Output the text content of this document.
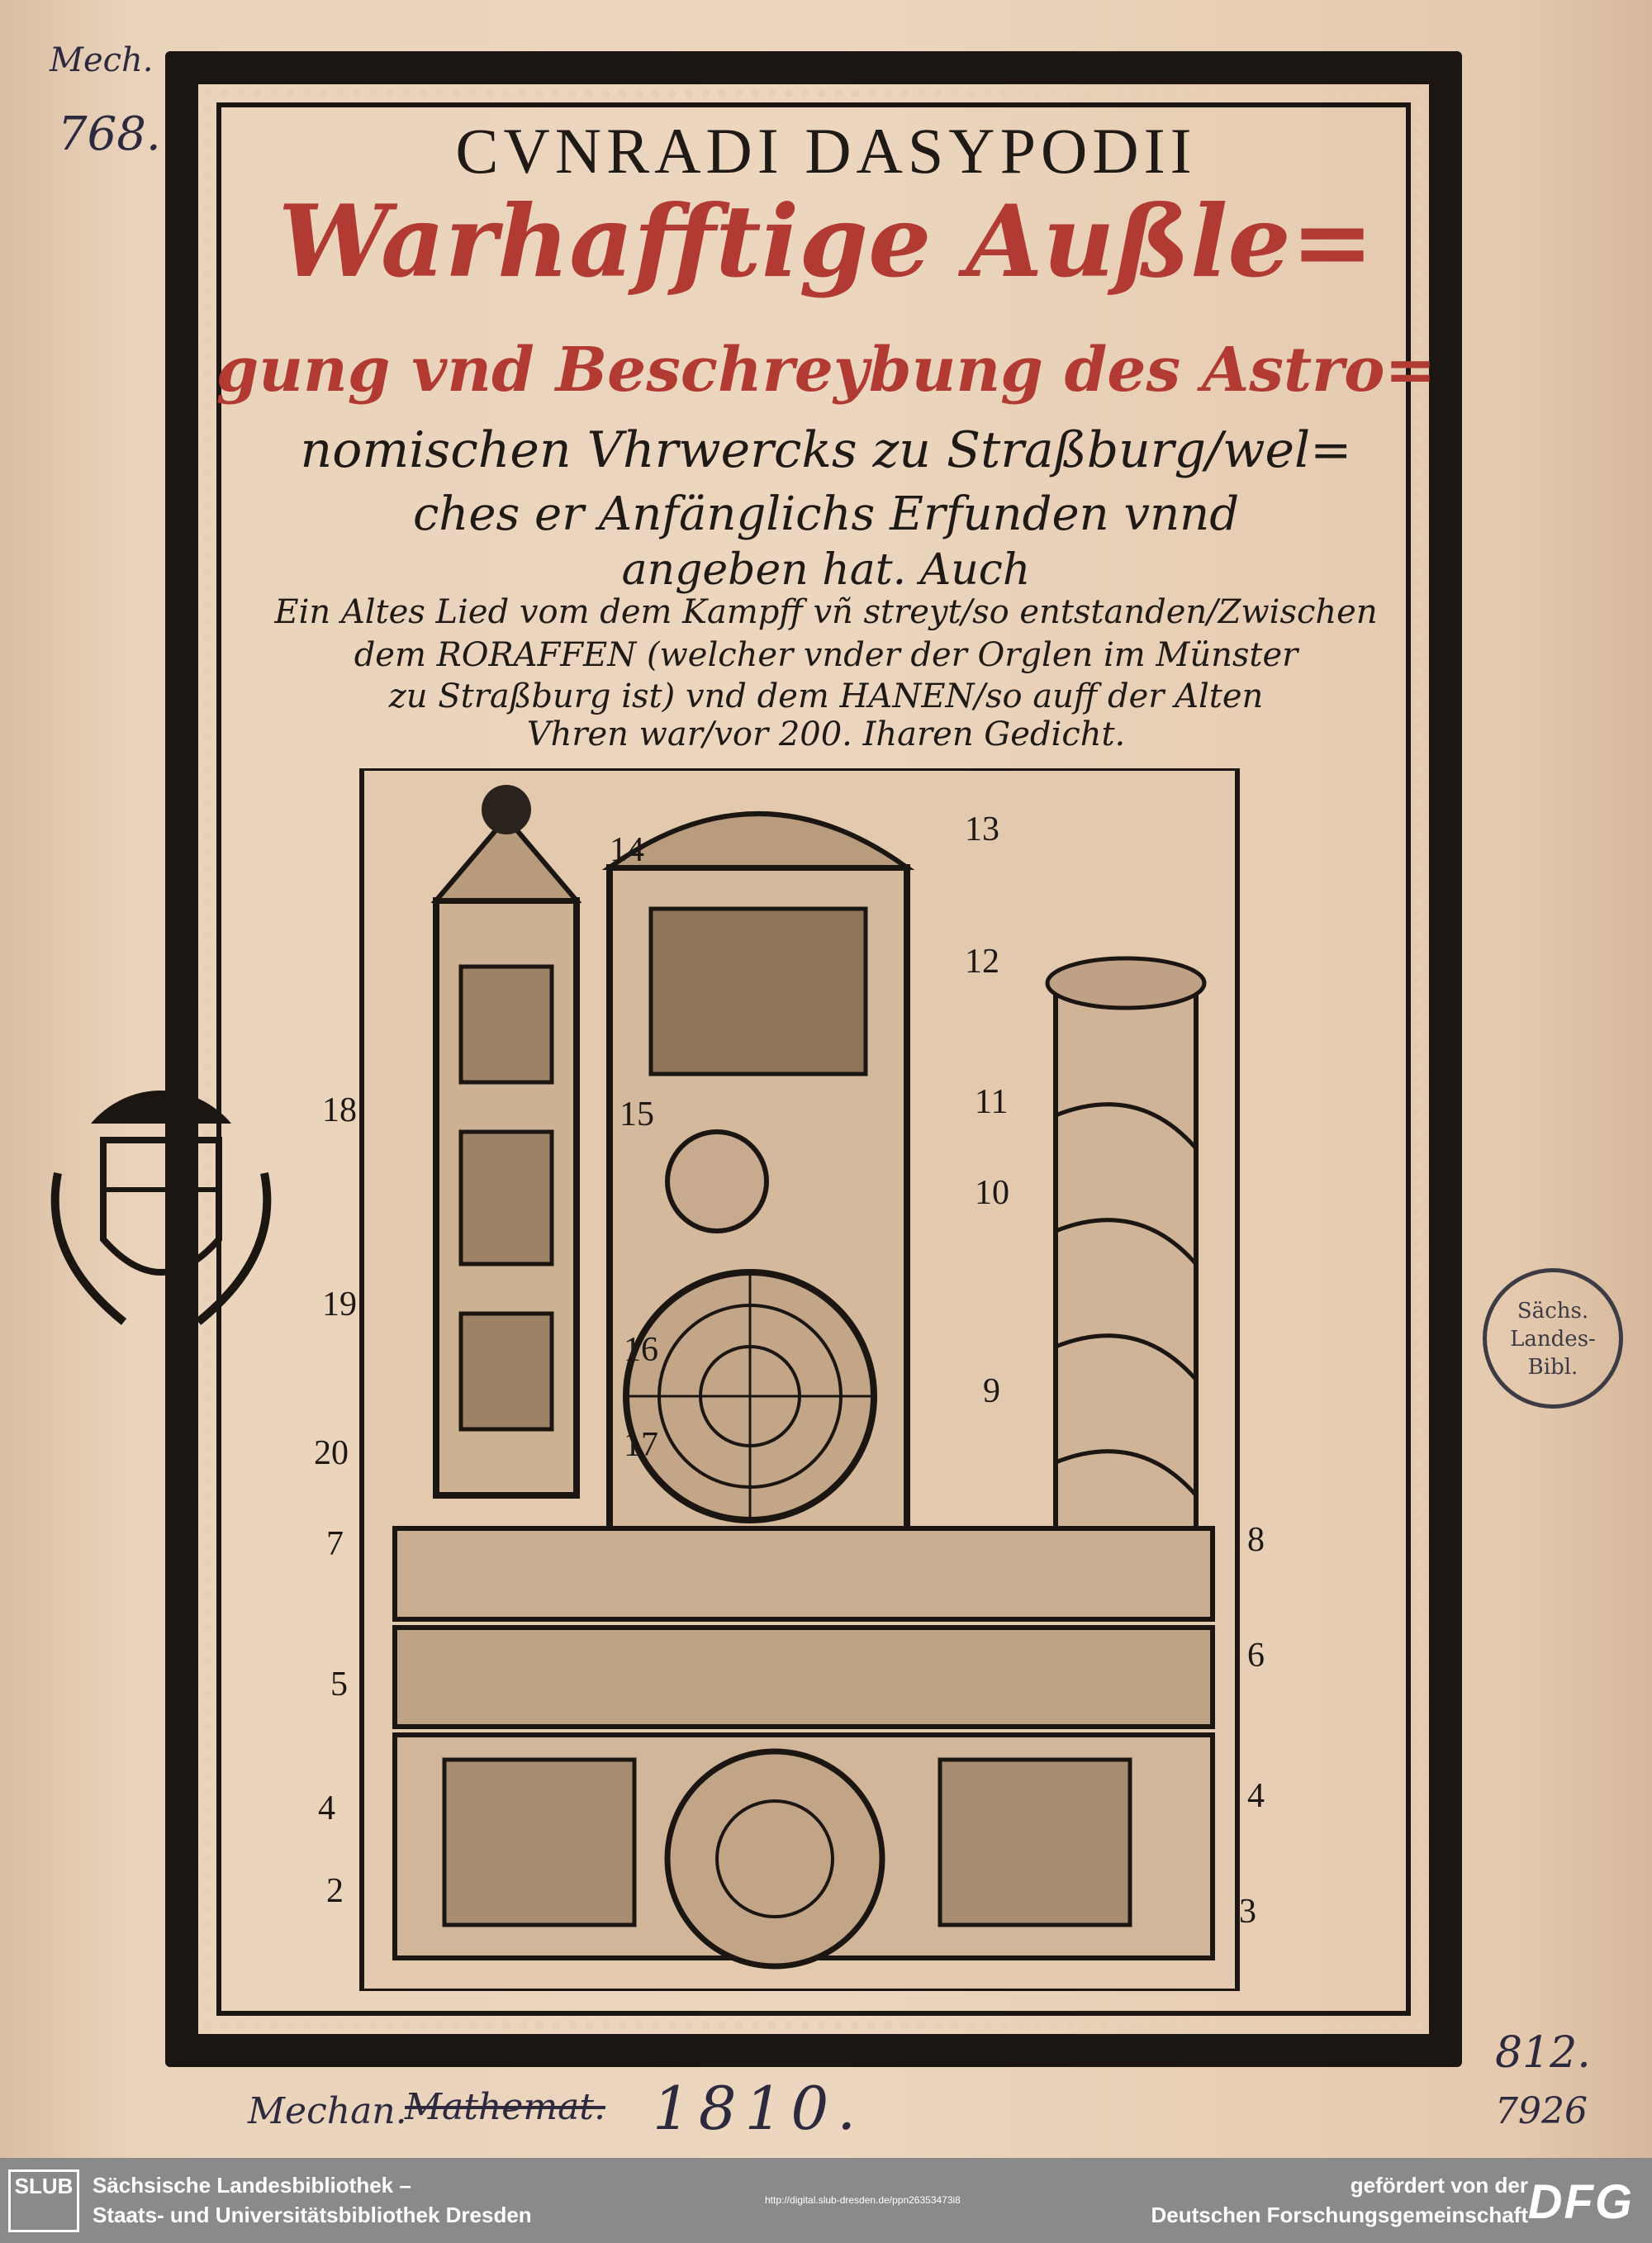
CVNRADI DASYPODII
Warhafftige Außle=
gung vnd Beschreybung des Astro=
nomischen Vhrwercks zu Straßburg/wel=
ches er Anfänglichs Erfunden vnnd
angeben hat. Auch
Ein Altes Lied vom dem Kampff vñ streyt/so entstanden/Zwischen
dem RORAFFEN (welcher vnder der Orglen im Münster
zu Straßburg ist) vnd dem HANEN/so auff der Alten
Vhren war/vor 200. Iharen Gedicht.
14
13
12
11
10
9
15
16
17
18
19
20
7	8
5
6
4	4
2
3
Sächs.
Landes-
Bibl.
Mech.
768.
Mechan.
Mathemat. 1810.
812.
7926
SLUB Sächsische Landesbibliothek –
Staats- und Universitätsbibliothek Dresden
http://digital.slub-dresden.de/ppn26353473i8
gefördert von der
Deutschen Forschungsgemeinschaft DFG
